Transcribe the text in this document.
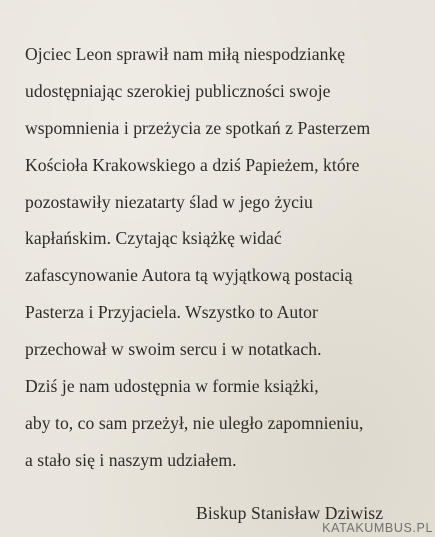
Ojciec Leon sprawił nam miłą niespodziankę
udostępniając szerokiej publiczności swoje
wspomnienia i przeżycia ze spotkań z Pasterzem
Kościoła Krakowskiego a dziś Papieżem, które
pozostawiły niezatarty ślad w jego życiu
kapłańskim. Czytając książkę widać
zafascynowanie Autora tą wyjątkową postacią
Pasterza i Przyjaciela. Wszystko to Autor
przechował w swoim sercu i w notatkach.
Dziś je nam udostępnia w formie książki,
aby to, co sam przeżył, nie uległo zapomnieniu,
a stało się i naszym udziałem.
Biskup Stanisław Dziwisz
KATAKUMBUS.PL
